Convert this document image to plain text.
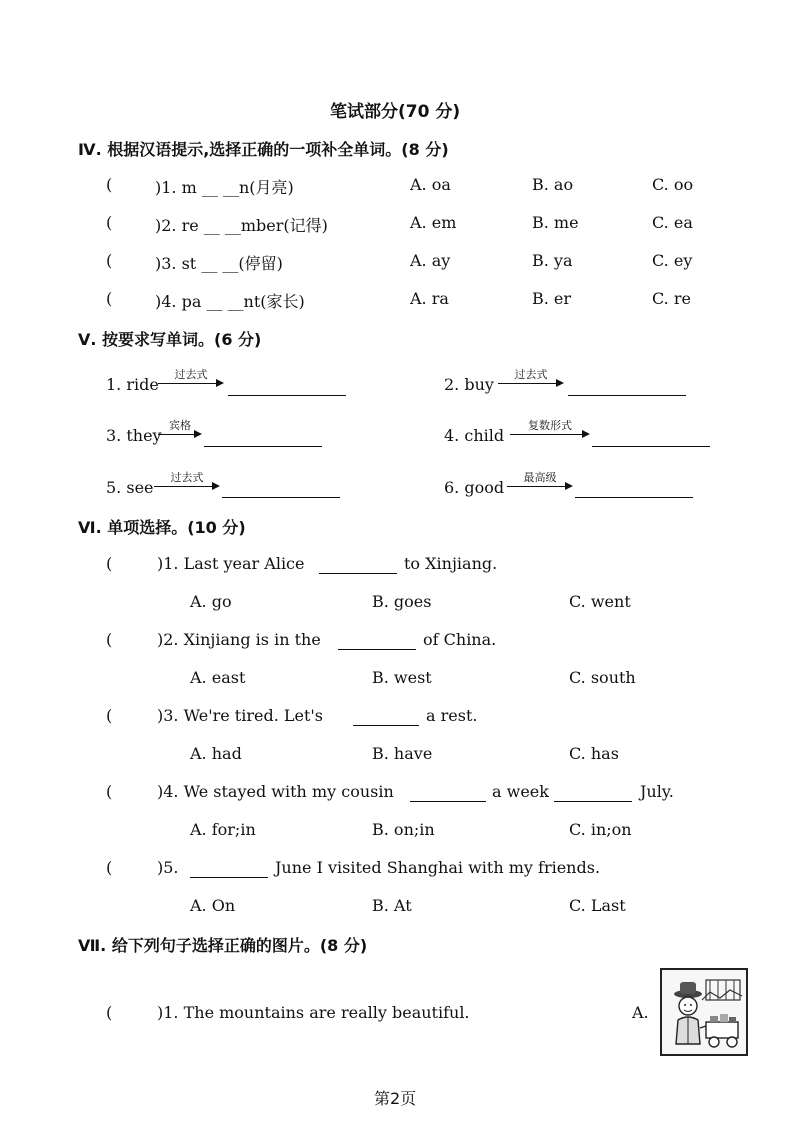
笔试部分(70 分)
Ⅳ. 根据汉语提示,选择正确的一项补全单词。(8 分)
(	)1. m __ __n(月亮)	A. oa	B. ao	C. oo
(	)2. re __ __mber(记得)	A. em	B. me	C. ea
(	)3. st __ __(停留)	A. ay	B. ya	C. ey
(	)4. pa __ __nt(家长)	A. ra	B. er	C. re
Ⅴ. 按要求写单词。(6 分)
1. ride
过去式
2. buy
过去式
3. they
宾格
4. child
复数形式
5. see
过去式
6. good
最高级
Ⅵ. 单项选择。(10 分)
(	)1. Last year Alice	to Xinjiang.
A. go	B. goes	C. went
(	)2. Xinjiang is in the	of China.
A. east	B. west	C. south
(	)3. We're tired. Let's	a rest.
A. had	B. have	C. has
(	)4. We stayed with my cousin	a week	July.
A. for;in	B. on;in	C. in;on
(	)5.	June I visited Shanghai with my friends.
A. On	B. At	C. Last
Ⅶ. 给下列句子选择正确的图片。(8 分)
(	)1. The mountains are really beautiful.	A.
第2页
